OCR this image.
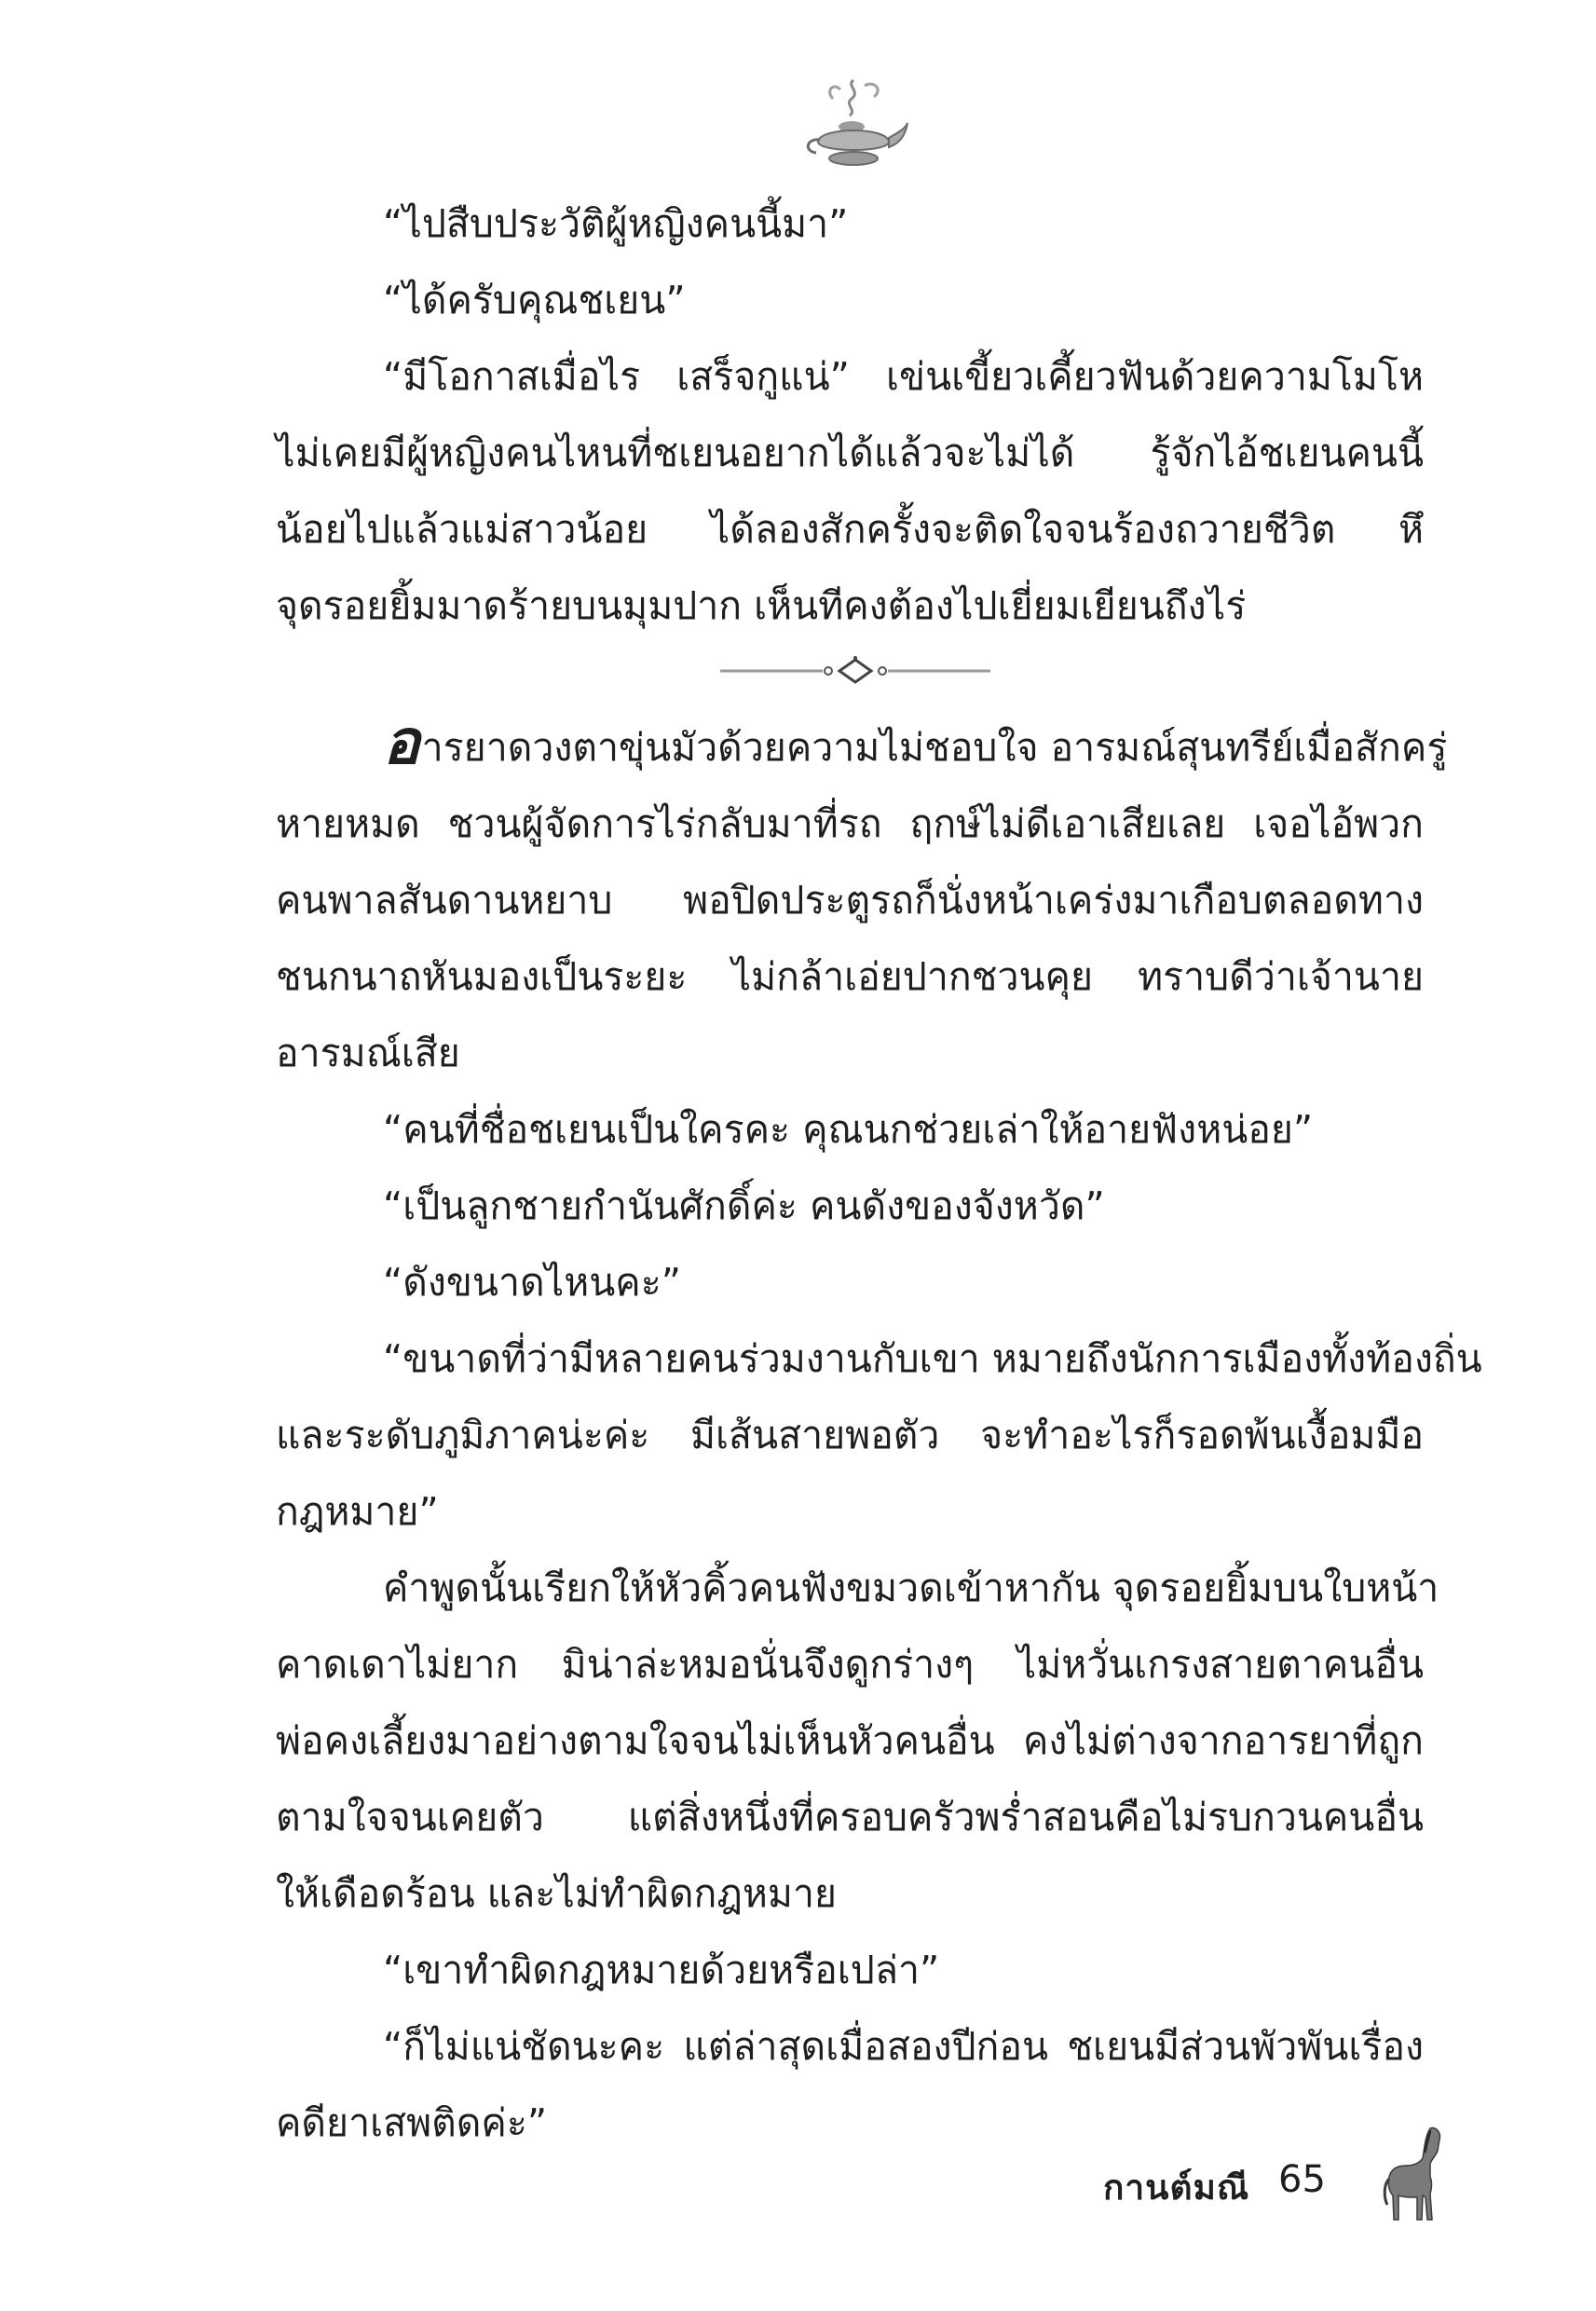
“ไปสืบประวัติผู้หญิงคนนี้มา”
“ได้ครับคุณชเยน”
“มีโอกาสเมื่อไร เสร็จกูแน่” เข่นเขี้ยวเคี้ยวฟันด้วยความโมโห
ไม่เคยมีผู้หญิงคนไหนที่ชเยนอยากได้แล้วจะไม่ได้ รู้จักไอ้ชเยนคนนี้
น้อยไปแล้วแม่สาวน้อย ได้ลองสักครั้งจะติดใจจนร้องถวายชีวิต หึ
จุดรอยยิ้มมาดร้ายบนมุมปาก เห็นทีคงต้องไปเยี่ยมเยียนถึงไร่
อารยาดวงตาขุ่นมัวด้วยความไม่ชอบใจ อารมณ์สุนทรีย์เมื่อสักครู่
หายหมด ชวนผู้จัดการไร่กลับมาที่รถ ฤกษ์ไม่ดีเอาเสียเลย เจอไอ้พวก
คนพาลสันดานหยาบ พอปิดประตูรถก็นั่งหน้าเคร่งมาเกือบตลอดทาง
ชนกนาถหันมองเป็นระยะ ไม่กล้าเอ่ยปากชวนคุย ทราบดีว่าเจ้านาย
อารมณ์เสีย
“คนที่ชื่อชเยนเป็นใครคะ คุณนกช่วยเล่าให้อายฟังหน่อย”
“เป็นลูกชายกำนันศักดิ์ค่ะ คนดังของจังหวัด”
“ดังขนาดไหนคะ”
“ขนาดที่ว่ามีหลายคนร่วมงานกับเขา หมายถึงนักการเมืองทั้งท้องถิ่น
และระดับภูมิภาคน่ะค่ะ มีเส้นสายพอตัว จะทำอะไรก็รอดพ้นเงื้อมมือ
กฎหมาย”
คำพูดนั้นเรียกให้หัวคิ้วคนฟังขมวดเข้าหากัน จุดรอยยิ้มบนใบหน้า
คาดเดาไม่ยาก มิน่าล่ะหมอนั่นจึงดูกร่างๆ ไม่หวั่นเกรงสายตาคนอื่น
พ่อคงเลี้ยงมาอย่างตามใจจนไม่เห็นหัวคนอื่น คงไม่ต่างจากอารยาที่ถูก
ตามใจจนเคยตัว แต่สิ่งหนึ่งที่ครอบครัวพร่ำสอนคือไม่รบกวนคนอื่น
ให้เดือดร้อน และไม่ทำผิดกฎหมาย
“เขาทำผิดกฎหมายด้วยหรือเปล่า”
“ก็ไม่แน่ชัดนะคะ แต่ล่าสุดเมื่อสองปีก่อน ชเยนมีส่วนพัวพันเรื่อง
คดียาเสพติดค่ะ”
กานต์มณี 65
